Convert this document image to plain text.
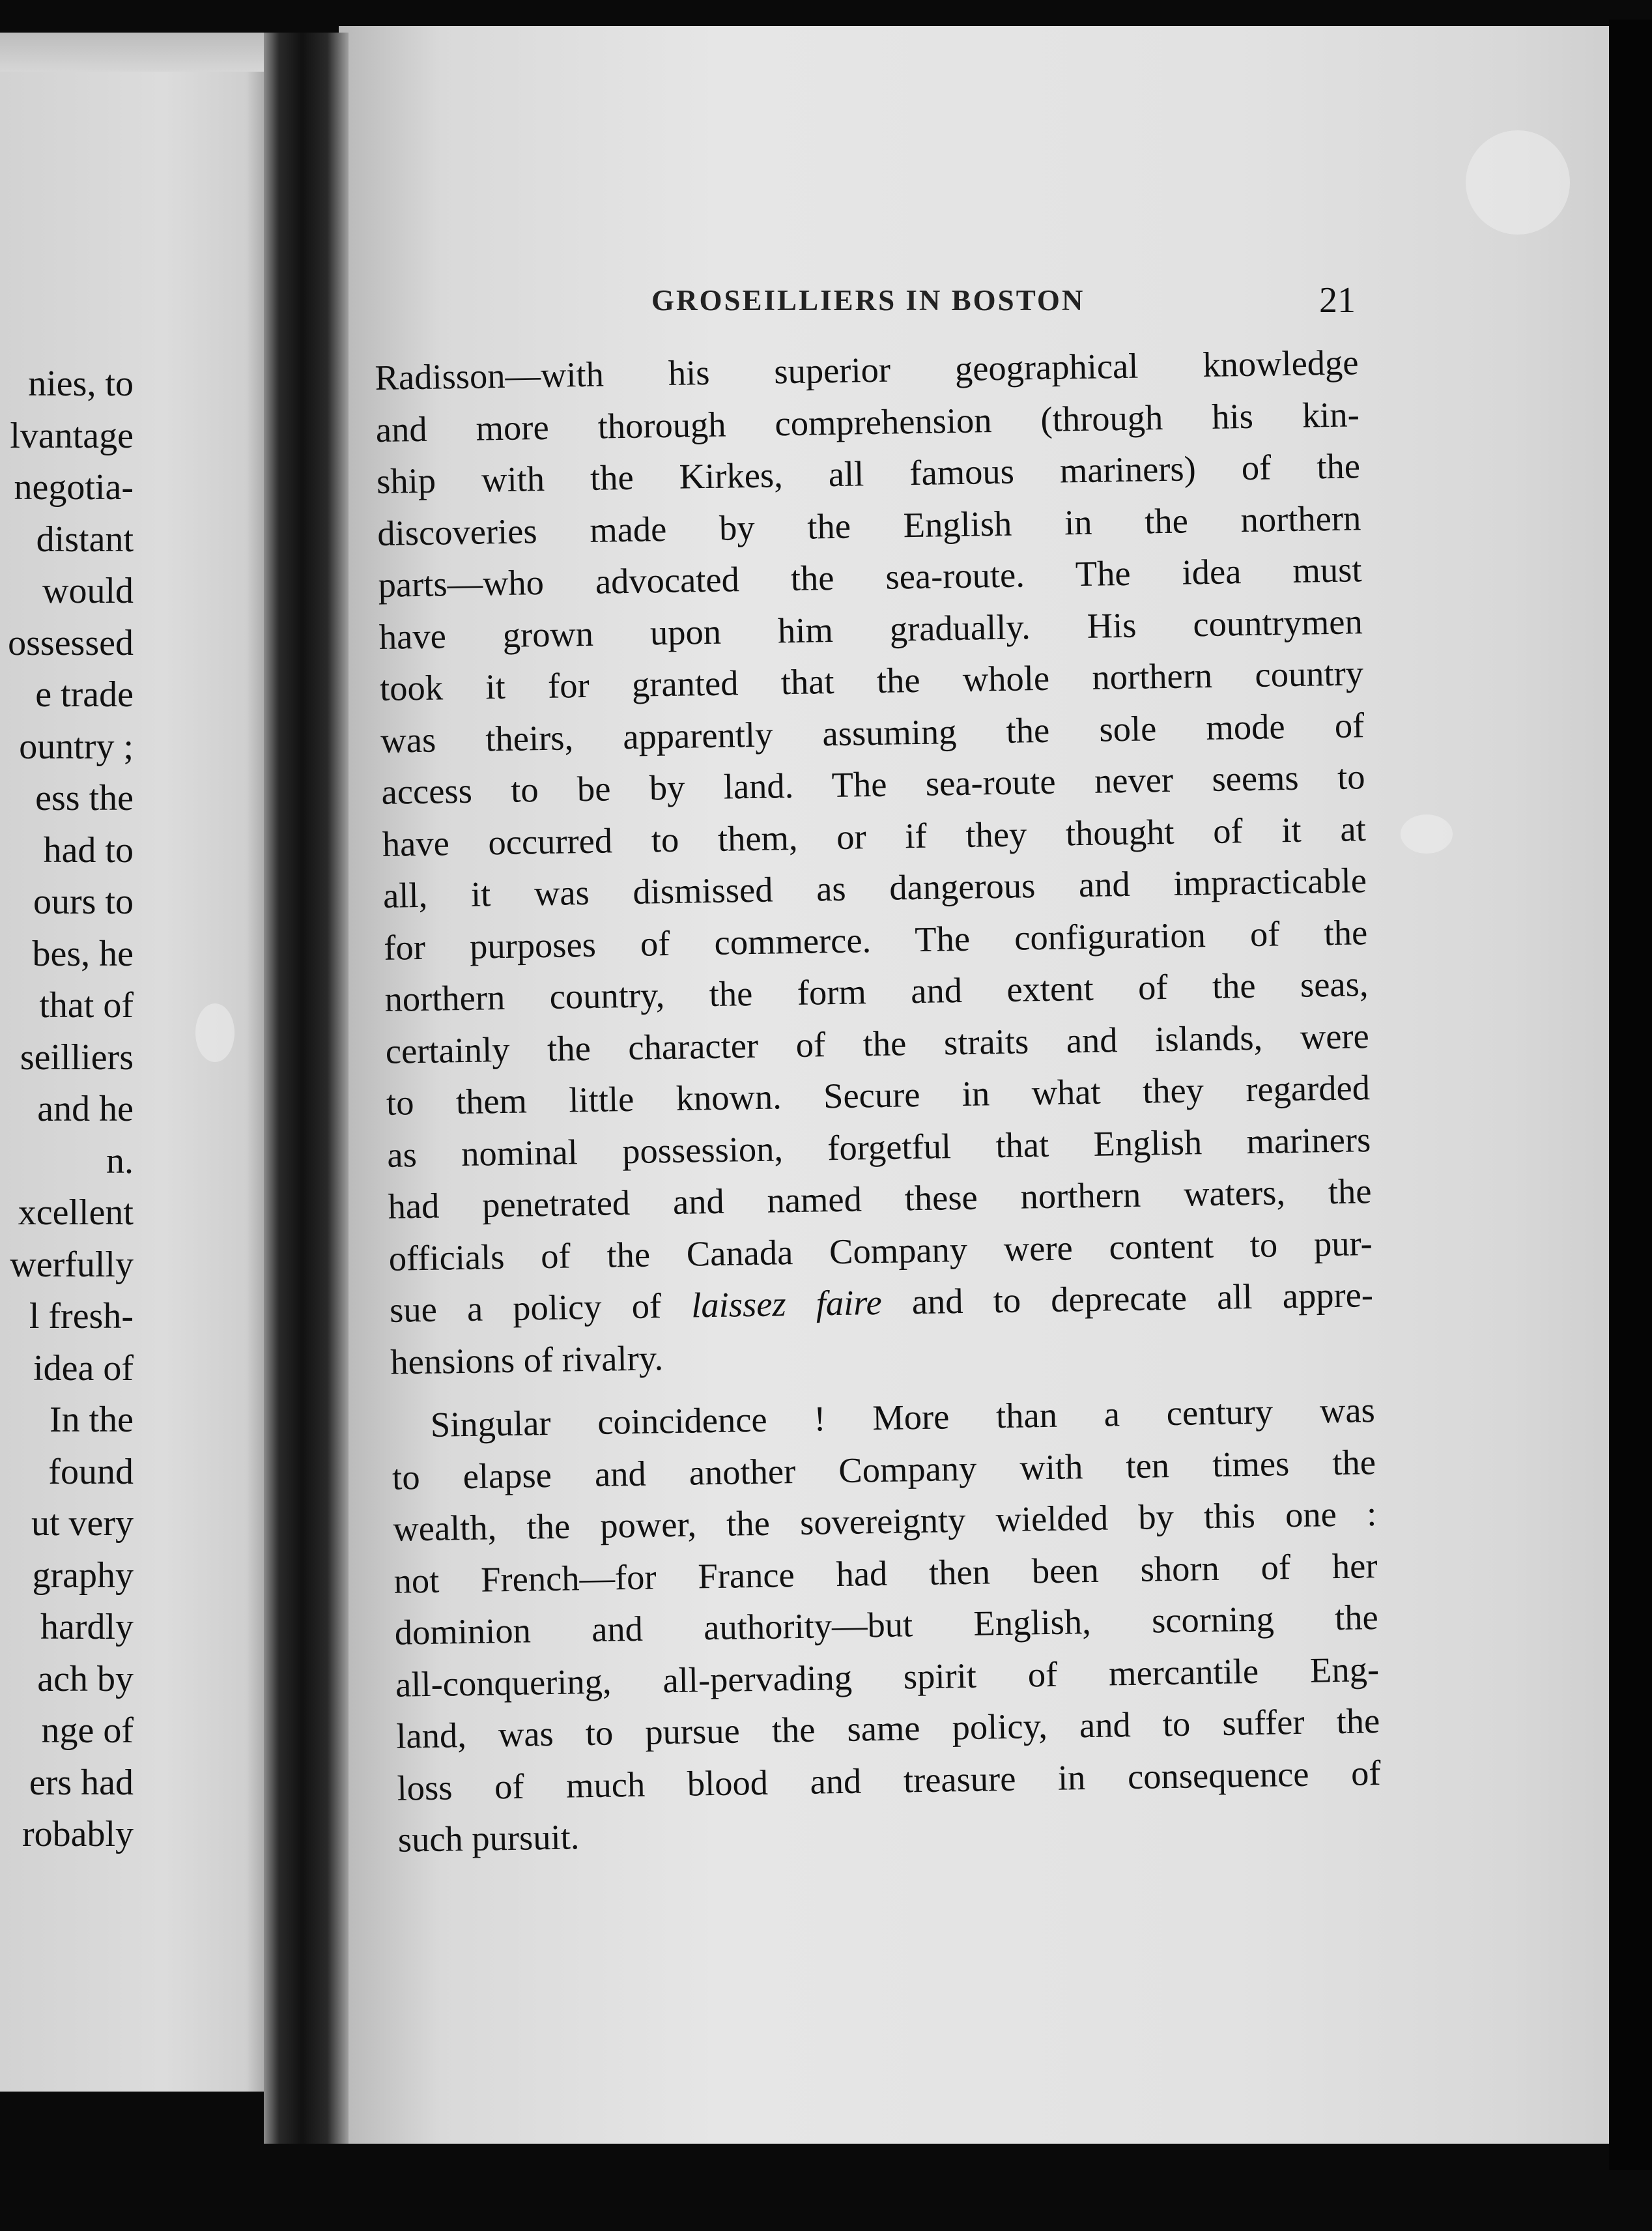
nies, to
lvantage
negotia-
distant
would
ossessed
e trade
ountry ;
ess the
had to
ours to
bes, he
that of
seilliers
and he
n.
xcellent
werfully
l fresh-
idea of
In the
found
ut very
graphy
hardly
ach by
nge of
ers had
robably
GROSEILLIERS IN BOSTON	21
Radisson—with his superior geographical knowledge
and more thorough comprehension (through his kin-
ship with the Kirkes, all famous mariners) of the
discoveries made by the English in the northern
parts—who advocated the sea-route. The idea must
have grown upon him gradually. His countrymen
took it for granted that the whole northern country
was theirs, apparently assuming the sole mode of
access to be by land. The sea-route never seems to
have occurred to them, or if they thought of it at
all, it was dismissed as dangerous and impracticable
for purposes of commerce. The configuration of the
northern country, the form and extent of the seas,
certainly the character of the straits and islands, were
to them little known. Secure in what they regarded
as nominal possession, forgetful that English mariners
had penetrated and named these northern waters, the
officials of the Canada Company were content to pur-
sue a policy of laissez faire and to deprecate all appre-
hensions of rivalry.
Singular coincidence ! More than a century was
to elapse and another Company with ten times the
wealth, the power, the sovereignty wielded by this one :
not French—for France had then been shorn of her
dominion and authority—but English, scorning the
all-conquering, all-pervading spirit of mercantile Eng-
land, was to pursue the same policy, and to suffer the
loss of much blood and treasure in consequence of
such pursuit.
